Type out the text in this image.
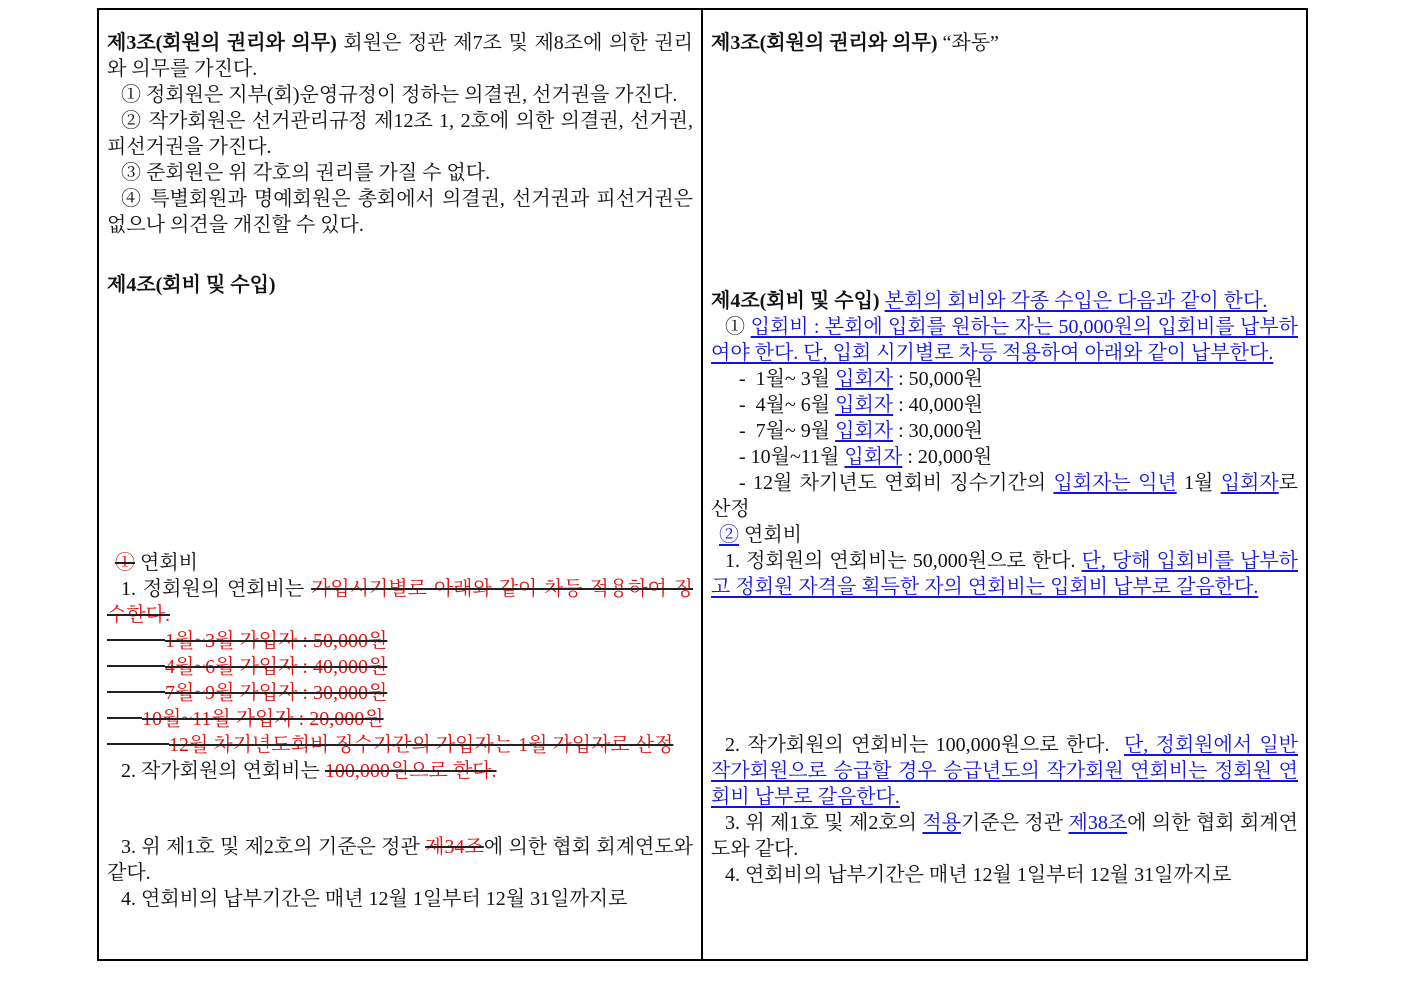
제3조(회원의 권리와 의무) 회원은 정관 제7조 및 제8조에 의한 권리와 의무를 가진다.

① 정회원은 지부(회)운영규정이 정하는 의결권, 선거권을 가진다.

② 작가회원은 선거관리규정 제12조 1, 2호에 의한 의결권, 선거권, 피선거권을 가진다.

③ 준회원은 위 각호의 권리를 가질 수 없다.

④ 특별회원과 명예회원은 총회에서 의결권, 선거권과 피선거권은 없으나 의견을 개진할 수 있다.

제4조(회비 및 수입)

① 연회비

1. 정회원의 연회비는 가입시기별로 아래와 같이 차등 적용하여 징수한다.

1월~3월 가입자 : 50,000원
4월~6월 가입자 : 40,000원
7월~9월 가입자 : 30,000원
10월~11월 가입자 : 20,000원
12월 차기년도회비 징수기간의 가입자는 1월 가입자로 산정

2. 작가회원의 연회비는 100,000원으로 한다.

3. 위 제1호 및 제2호의 기준은 정관 제34조에 의한 협회 회계연도와 같다.

4. 연회비의 납부기간은 매년 12월 1일부터 12월 31일까지로

제3조(회원의 권리와 의무) “좌동”

제4조(회비 및 수입) 본회의 회비와 각종 수입은 다음과 같이 한다.

① 입회비 : 본회에 입회를 원하는 자는 50,000원의 입회비를 납부하여야 한다. 단, 입회 시기별로 차등 적용하여 아래와 같이 납부한다.

-  1월~ 3월 입회자 : 50,000원

-  4월~ 6월 입회자 : 40,000원

-  7월~ 9월 입회자 : 30,000원

- 10월~11월 입회자 : 20,000원

- 12월 차기년도 연회비 징수기간의 입회자는 익년 1월 입회자로 산정

② 연회비

1. 정회원의 연회비는 50,000원으로 한다. 단, 당해 입회비를 납부하고 정회원 자격을 획득한 자의 연회비는 입회비 납부로 갈음한다.

2. 작가회원의 연회비는 100,000원으로 한다.  단, 정회원에서 일반작가회원으로 승급할 경우 승급년도의 작가회원 연회비는 정회원 연회비 납부로 갈음한다.

3. 위 제1호 및 제2호의 적용기준은 정관 제38조에 의한 협회 회계연도와 같다.

4. 연회비의 납부기간은 매년 12월 1일부터 12월 31일까지로
